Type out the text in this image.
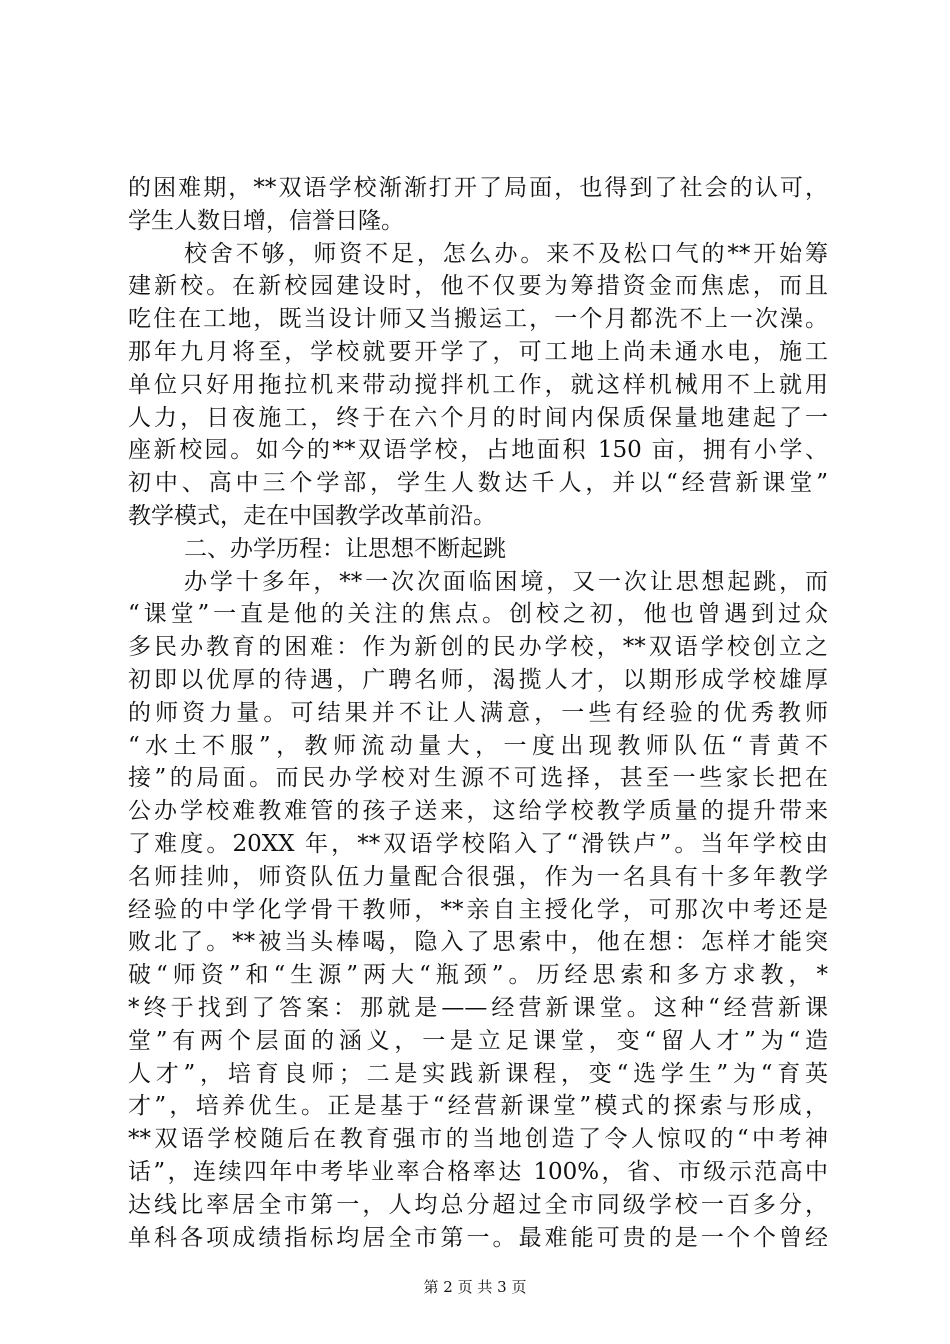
的困难期，**双语学校渐渐打开了局面，也得到了社会的认可，
学生人数日增，信誉日隆。
校舍不够，师资不足，怎么办。来不及松口气的**开始筹
建新校。在新校园建设时，他不仅要为筹措资金而焦虑，而且
吃住在工地，既当设计师又当搬运工，一个月都洗不上一次澡。
那年九月将至，学校就要开学了，可工地上尚未通水电，施工
单位只好用拖拉机来带动搅拌机工作，就这样机械用不上就用
人力，日夜施工，终于在六个月的时间内保质保量地建起了一
座新校园。如今的**双语学校，占地面积 150 亩，拥有小学、
初中、高中三个学部，学生人数达千人，并以“经营新课堂”
教学模式，走在中国教学改革前沿。
二、办学历程：让思想不断起跳
办学十多年，**一次次面临困境，又一次让思想起跳，而
“课堂”一直是他的关注的焦点。创校之初，他也曾遇到过众
多民办教育的困难：作为新创的民办学校，**双语学校创立之
初即以优厚的待遇，广聘名师，渴揽人才，以期形成学校雄厚
的师资力量。可结果并不让人满意，一些有经验的优秀教师
“水土不服”，教师流动量大，一度出现教师队伍“青黄不
接”的局面。而民办学校对生源不可选择，甚至一些家长把在
公办学校难教难管的孩子送来，这给学校教学质量的提升带来
了难度。20XX 年，**双语学校陷入了“滑铁卢”。当年学校由
名师挂帅，师资队伍力量配合很强，作为一名具有十多年教学
经验的中学化学骨干教师，**亲自主授化学，可那次中考还是
败北了。**被当头棒喝，隐入了思索中，他在想：怎样才能突
破“师资”和“生源”两大“瓶颈”。历经思索和多方求教，*
*终于找到了答案：那就是——经营新课堂。这种“经营新课
堂”有两个层面的涵义，一是立足课堂，变“留人才”为“造
人才”，培育良师；二是实践新课程，变“选学生”为“育英
才”，培养优生。正是基于“经营新课堂”模式的探索与形成，
**双语学校随后在教育强市的当地创造了令人惊叹的“中考神
话”，连续四年中考毕业率合格率达 100%，省、市级示范高中
达线比率居全市第一，人均总分超过全市同级学校一百多分，
单科各项成绩指标均居全市第一。最难能可贵的是一个个曾经
第 2 页 共 3 页
